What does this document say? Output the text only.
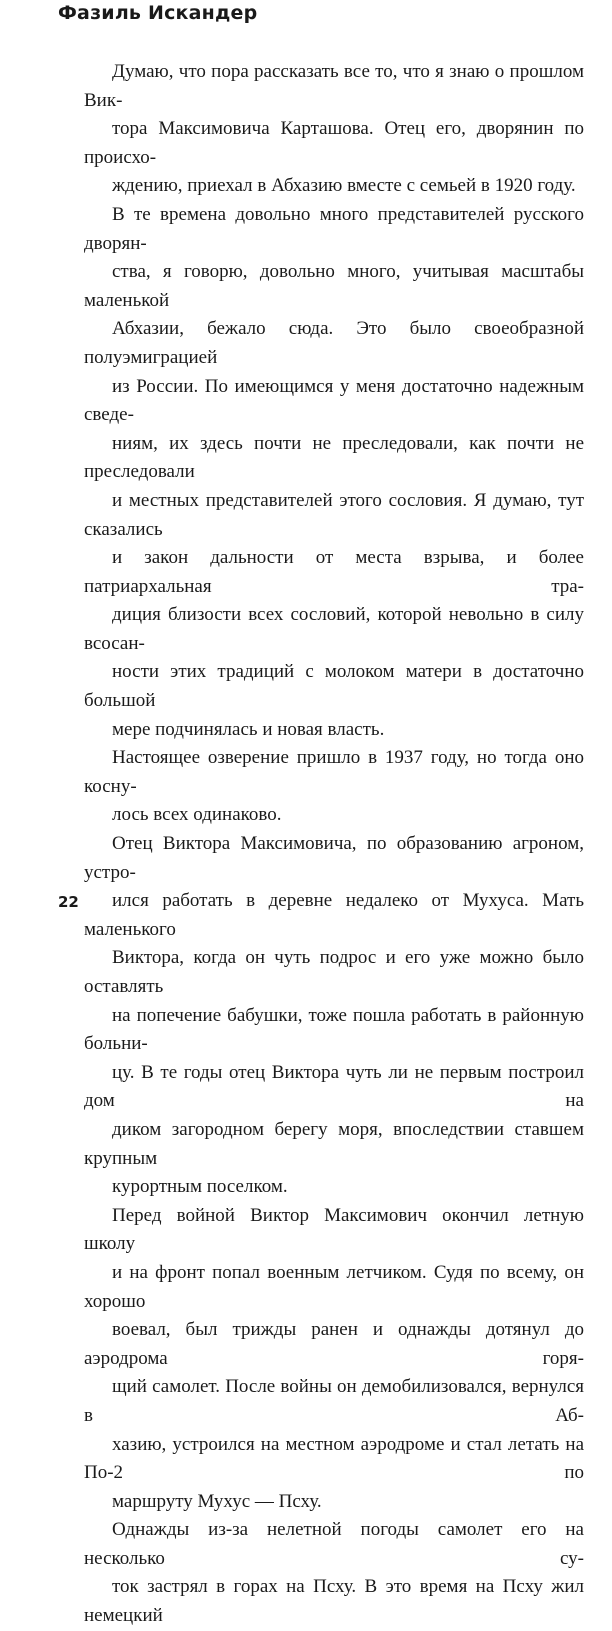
Фазиль Искандер

Думаю, что пора рассказать все то, что я знаю о прошлом Вик-
тора Максимовича Карташова. Отец его, дворянин по происхо-
ждению, приехал в Абхазию вместе с семьей в 1920 году.

В те времена довольно много представителей русского дворян-
ства, я говорю, довольно много, учитывая масштабы маленькой
Абхазии, бежало сюда. Это было своеобразной полуэмиграцией
из России. По имеющимся у меня достаточно надежным сведе-
ниям, их здесь почти не преследовали, как почти не преследовали
и местных представителей этого сословия. Я думаю, тут сказались
и закон дальности от места взрыва, и более патриархальная тра-
диция близости всех сословий, которой невольно в силу всосан-
ности этих традиций с молоком матери в достаточно большой
мере подчинялась и новая власть.

Настоящее озверение пришло в 1937 году, но тогда оно косну-
лось всех одинаково.

Отец Виктора Максимовича, по образованию агроном, устро-
ился работать в деревне недалеко от Мухуса. Мать маленького
Виктора, когда он чуть подрос и его уже можно было оставлять
на попечение бабушки, тоже пошла работать в районную больни-
цу. В те годы отец Виктора чуть ли не первым построил дом на
диком загородном берегу моря, впоследствии ставшем крупным
курортным поселком.

Перед войной Виктор Максимович окончил летную школу
и на фронт попал военным летчиком. Судя по всему, он хорошо
воевал, был трижды ранен и однажды дотянул до аэродрома горя-
щий самолет. После войны он демобилизовался, вернулся в Аб-
хазию, устроился на местном аэродроме и стал летать на По-2 по
маршруту Мухус — Псху.

Однажды из-за нелетной погоды самолет его на несколько су-
ток застрял в горах на Псху. В это время на Псху жил немецкий

22
